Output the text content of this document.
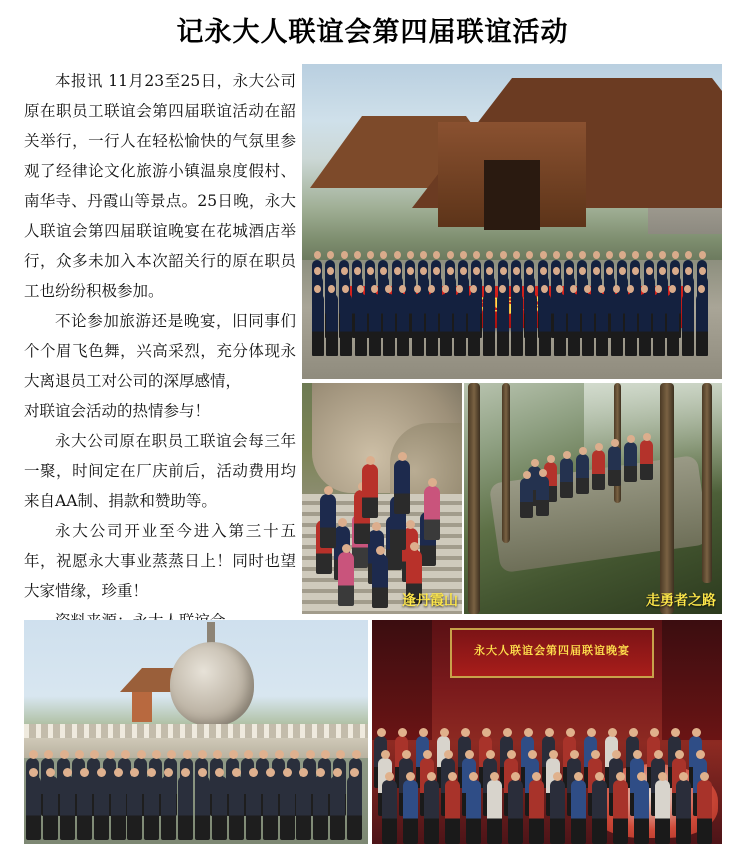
记永大人联谊会第四届联谊活动

本报讯 11月23至25日，永大公司原在职员工联谊会第四届联谊活动在韶关举行，一行人在轻松愉快的气氛里参观了经律论文化旅游小镇温泉度假村、南华寺、丹霞山等景点。25日晚，永大人联谊会第四届联谊晚宴在花城酒店举行，众多未加入本次韶关行的原在职员工也纷纷积极参加。

不论参加旅游还是晚宴，旧同事们个个眉飞色舞，兴高采烈，充分体现永大离退员工对公司的深厚感情，

对联谊会活动的热情参与！

永大公司原在职员工联谊会每三年一聚，时间定在厂庆前后，活动费用均来自AA制、捐款和赞助等。

永大公司开业至今进入第三十五年，祝愿永大事业蒸蒸日上！同时也望大家惜缘，珍重！

逢丹霞山	走勇者之路
永大人联谊会第四届联谊晚宴
